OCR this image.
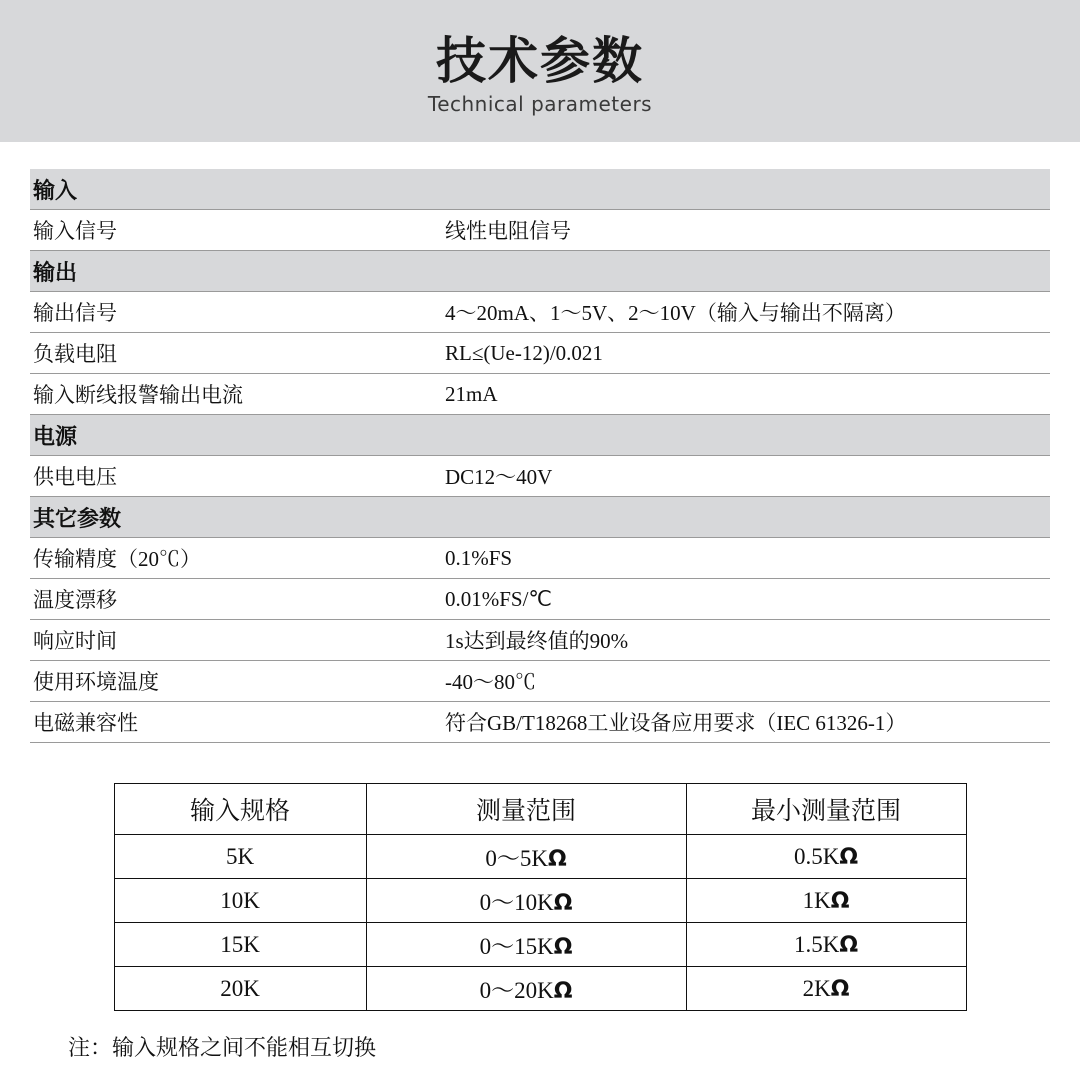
技术参数
Technical parameters
输入	
输入信号	线性电阻信号
输出	
输出信号	4～20mA、1～5V、2～10V（输入与输出不隔离）
负载电阻	RL≤(Ue-12)/0.021
输入断线报警输出电流	21mA
电源	
供电电压	DC12～40V
其它参数	
传输精度（20℃）	0.1%FS
温度漂移	0.01%FS/℃
响应时间	1s达到最终值的90%
使用环境温度	-40～80℃
电磁兼容性	符合GB/T18268工业设备应用要求（IEC 61326-1）
输入规格	测量范围	最小测量范围
5K	0～5KΩ	0.5KΩ
10K	0～10KΩ	1KΩ
15K	0～15KΩ	1.5KΩ
20K	0～20KΩ	2KΩ
注：输入规格之间不能相互切换
